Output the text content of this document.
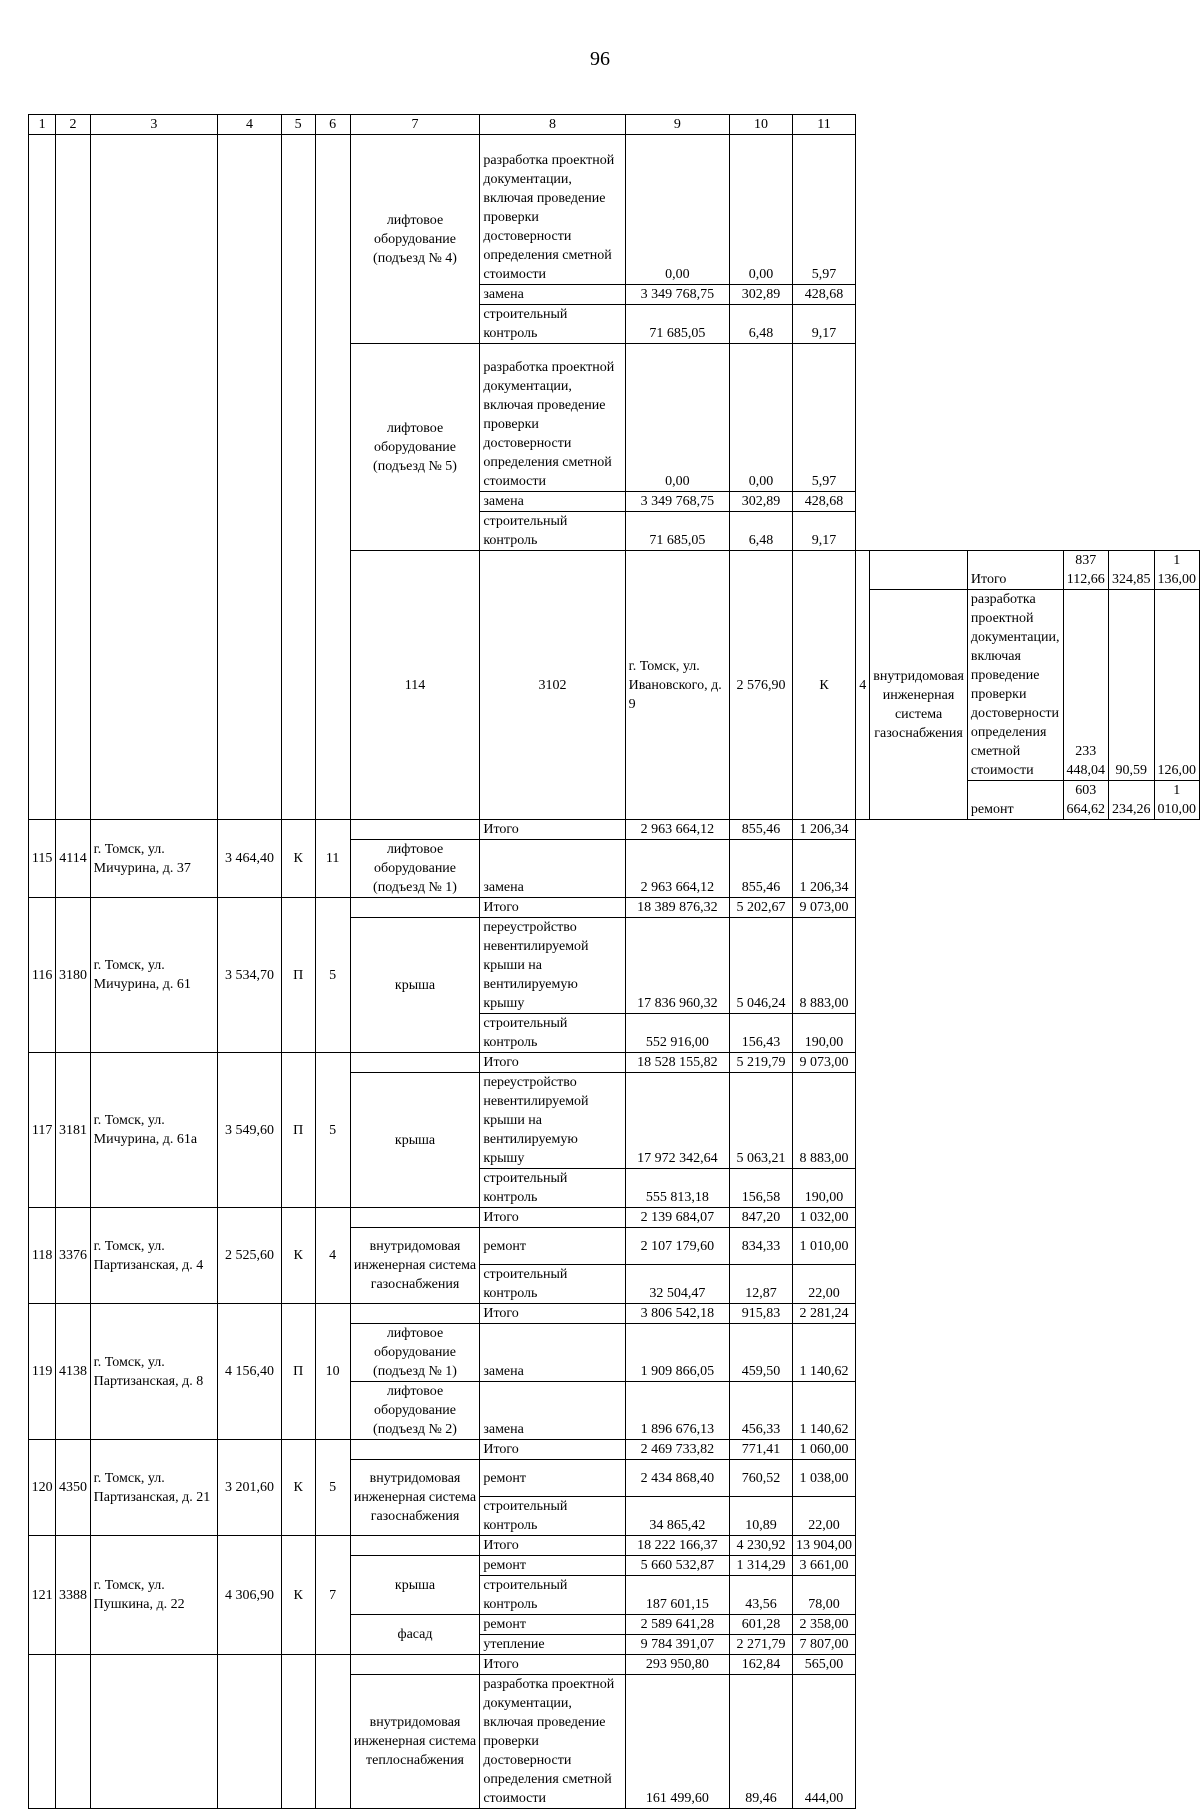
96
1	2	3	4	5	6	7	8	9	10	11						
						лифтовое оборудование (подъезд № 4)	разработка проектной документации, включая проведение проверки достоверности определения сметной стоимости	0,00	0,00	5,97						
							замена	3 349 768,75	302,89	428,68						
							строительный контроль	71 685,05	6,48	9,17						
						лифтовое оборудование (подъезд № 5)	разработка проектной документации, включая проведение проверки достоверности определения сметной стоимости	0,00	0,00	5,97						
							замена	3 349 768,75	302,89	428,68						
							строительный контроль	71 685,05	6,48	9,17						
						114	3102	г. Томск, ул. Ивановского, д. 9	2 576,90	К	4		Итого	837 112,66	324,85	1 136,00
												внутридомовая инженерная система газоснабжения	разработка проектной документации, включая проведение проверки достоверности определения сметной стоимости	233 448,04	90,59	126,00
													ремонт	603 664,62	234,26	1 010,00
115	4114	г. Томск, ул. Мичурина, д. 37	3 464,40	К	11		Итого	2 963 664,12	855,46	1 206,34						
						лифтовое оборудование (подъезд № 1)	замена	2 963 664,12	855,46	1 206,34						
116	3180	г. Томск, ул. Мичурина, д. 61	3 534,70	П	5		Итого	18 389 876,32	5 202,67	9 073,00						
						крыша	переустройство невентилируемой крыши на вентилируемую крышу	17 836 960,32	5 046,24	8 883,00						
							строительный контроль	552 916,00	156,43	190,00						
117	3181	г. Томск, ул. Мичурина, д. 61а	3 549,60	П	5		Итого	18 528 155,82	5 219,79	9 073,00						
						крыша	переустройство невентилируемой крыши на вентилируемую крышу	17 972 342,64	5 063,21	8 883,00						
							строительный контроль	555 813,18	156,58	190,00						
118	3376	г. Томск, ул. Партизанская, д. 4	2 525,60	К	4		Итого	2 139 684,07	847,20	1 032,00						
						внутридомовая инженерная система газоснабжения	ремонт	2 107 179,60	834,33	1 010,00						
							строительный контроль	32 504,47	12,87	22,00						
119	4138	г. Томск, ул. Партизанская, д. 8	4 156,40	П	10		Итого	3 806 542,18	915,83	2 281,24						
						лифтовое оборудование (подъезд № 1)	замена	1 909 866,05	459,50	1 140,62						
						лифтовое оборудование (подъезд № 2)	замена	1 896 676,13	456,33	1 140,62						
120	4350	г. Томск, ул. Партизанская, д. 21	3 201,60	К	5		Итого	2 469 733,82	771,41	1 060,00						
						внутридомовая инженерная система газоснабжения	ремонт	2 434 868,40	760,52	1 038,00						
							строительный контроль	34 865,42	10,89	22,00						
121	3388	г. Томск, ул. Пушкина, д. 22	4 306,90	К	7		Итого	18 222 166,37	4 230,92	13 904,00						
						крыша	ремонт	5 660 532,87	1 314,29	3 661,00						
							строительный контроль	187 601,15	43,56	78,00						
						фасад	ремонт	2 589 641,28	601,28	2 358,00						
							утепление	9 784 391,07	2 271,79	7 807,00						
							Итого	293 950,80	162,84	565,00						
						внутридомовая инженерная система теплоснабжения	разработка проектной документации, включая проведение проверки достоверности определения сметной стоимости	161 499,60	89,46	444,00						
